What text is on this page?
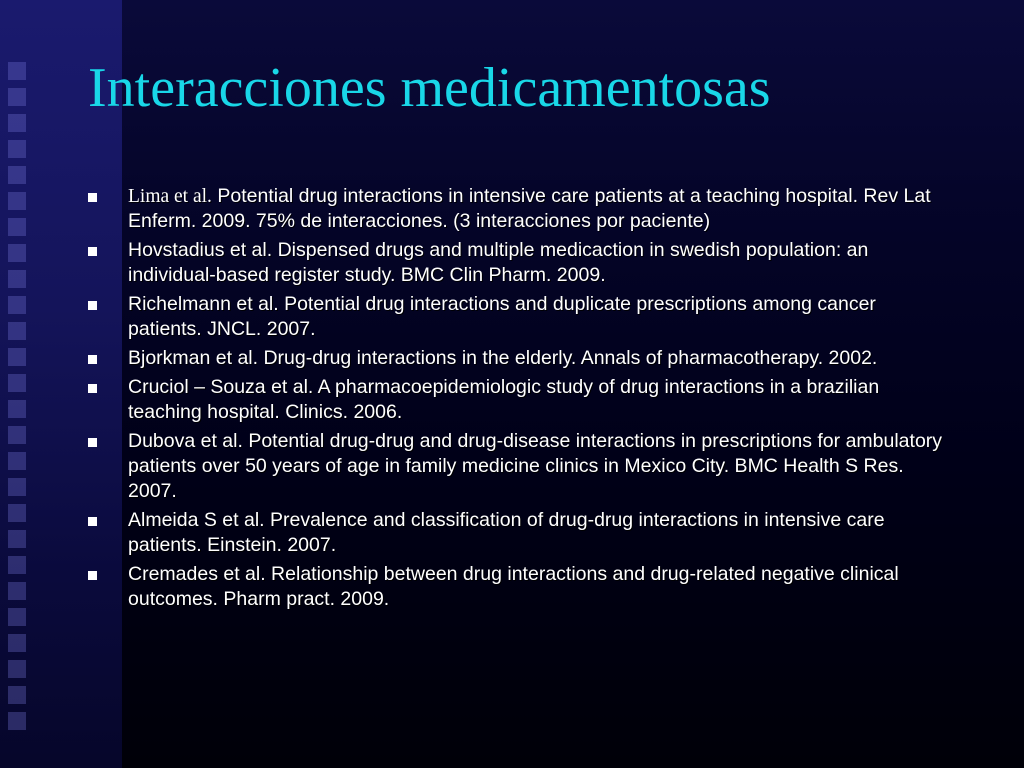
Interacciones medicamentosas
Lima et al. Potential drug interactions in intensive care patients at a teaching hospital. Rev Lat Enferm. 2009. 75% de interacciones. (3 interacciones por paciente)
Hovstadius et al. Dispensed drugs and multiple medicaction in swedish population: an individual-based register study. BMC Clin Pharm. 2009.
Richelmann et al. Potential drug interactions and duplicate prescriptions among cancer patients. JNCL. 2007.
Bjorkman et al. Drug-drug interactions in the elderly. Annals of pharmacotherapy. 2002.
Cruciol – Souza et al. A pharmacoepidemiologic study of drug interactions in a brazilian teaching hospital. Clinics. 2006.
Dubova et al. Potential drug-drug and drug-disease interactions in prescriptions for ambulatory patients over 50 years of age in family medicine clinics in Mexico City. BMC Health S Res. 2007.
Almeida S et al. Prevalence and classification of drug-drug interactions in intensive care patients. Einstein. 2007.
Cremades et al. Relationship between drug interactions and drug-related negative clinical outcomes. Pharm pract. 2009.
